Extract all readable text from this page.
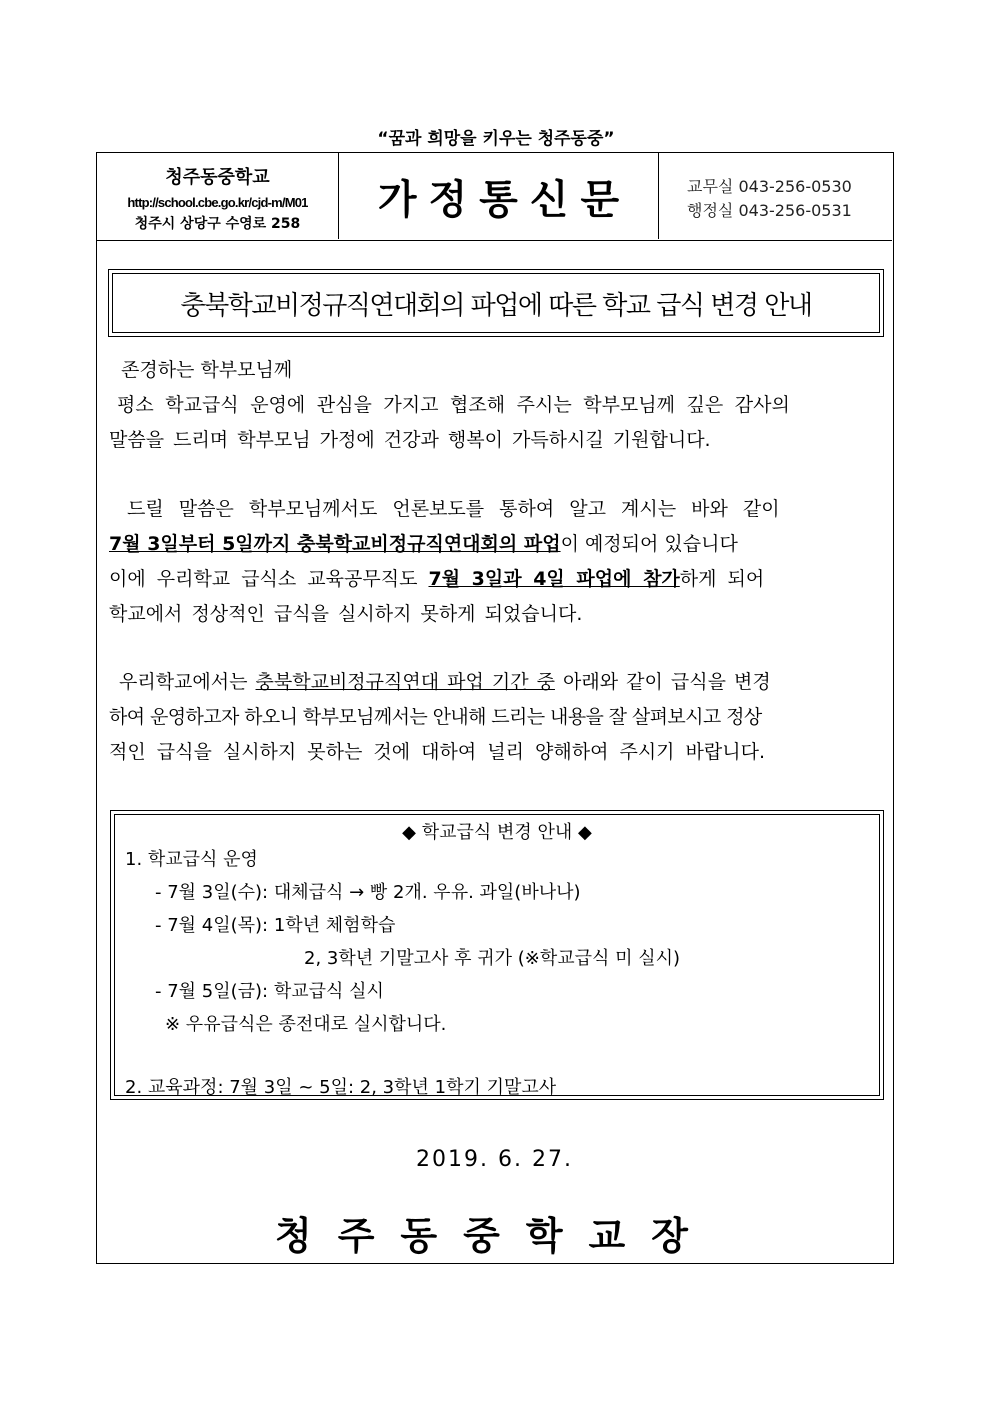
“꿈과 희망을 키우는 청주동중”
청주동중학교
http://school.cbe.go.kr/cjd-m/M01
청주시 상당구 수영로 258
가정통신문	교무실 043-256-0530
행정실 043-256-0531
충북학교비정규직연대회의 파업에 따른 학교 급식 변경 안내
존경하는 학부모님께
평소 학교급식 운영에 관심을 가지고 협조해 주시는 학부모님께 깊은 감사의
말씀을 드리며 학부모님 가정에 건강과 행복이 가득하시길 기원합니다.
드릴 말씀은 학부모님께서도 언론보도를 통하여 알고 계시는 바와 같이
7월 3일부터 5일까지 충북학교비정규직연대회의 파업이 예정되어 있습니다
이에 우리학교 급식소 교육공무직도 7월 3일과 4일 파업에 참가하게 되어
학교에서 정상적인 급식을 실시하지 못하게 되었습니다.
우리학교에서는 충북학교비정규직연대 파업 기간 중 아래와 같이 급식을 변경
하여 운영하고자 하오니 학부모님께서는 안내해 드리는 내용을 잘 살펴보시고 정상
적인 급식을 실시하지 못하는 것에 대하여 널리 양해하여 주시기 바랍니다.
◆ 학교급식 변경 안내 ◆
1. 학교급식 운영
- 7월 3일(수): 대체급식 → 빵 2개. 우유. 과일(바나나)
- 7월 4일(목): 1학년 체험학습
2, 3학년 기말고사 후 귀가 (※학교급식 미 실시)
- 7월 5일(금): 학교급식 실시
※ 우유급식은 종전대로 실시합니다.
2. 교육과정: 7월 3일 ~ 5일: 2, 3학년 1학기 기말고사
2019. 6. 27.
청주동중학교장
